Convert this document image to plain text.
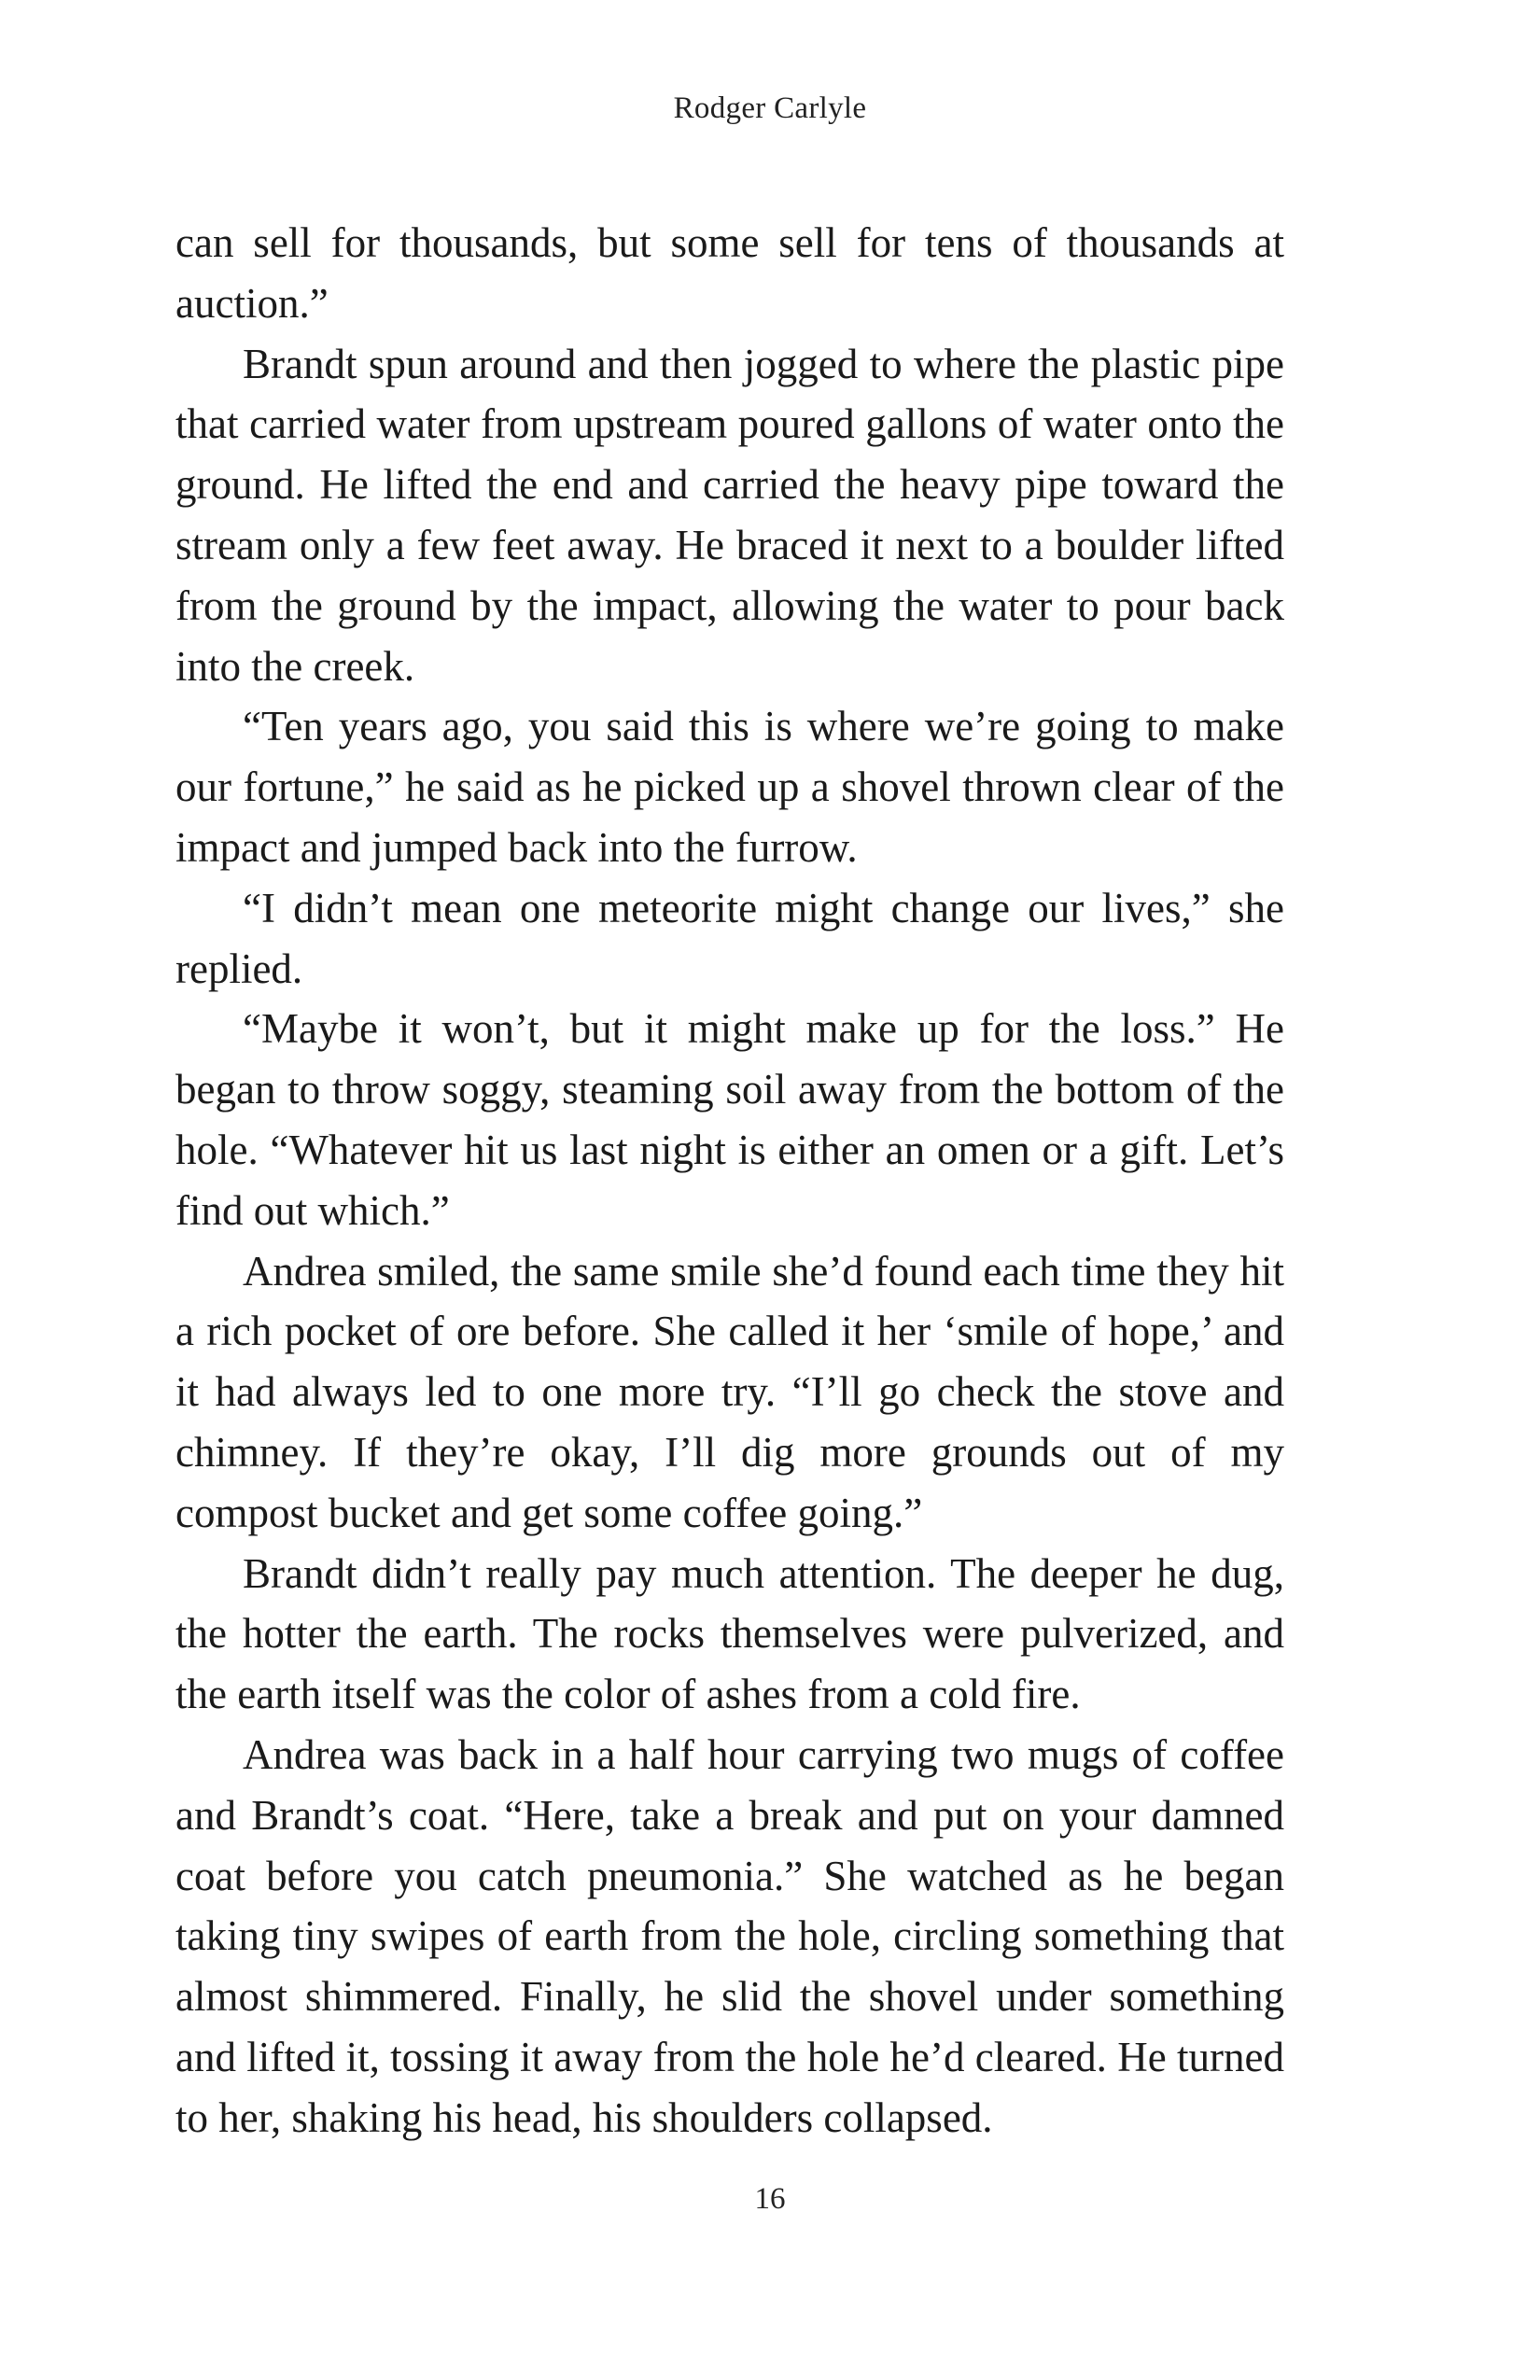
Rodger Carlyle

can sell for thousands, but some sell for tens of thousands at auction.”

Brandt spun around and then jogged to where the plastic pipe that carried water from upstream poured gallons of water onto the ground. He lifted the end and carried the heavy pipe toward the stream only a few feet away. He braced it next to a boulder lifted from the ground by the impact, allowing the water to pour back into the creek.

“Ten years ago, you said this is where we’re going to make our fortune,” he said as he picked up a shovel thrown clear of the impact and jumped back into the furrow.

“I didn’t mean one meteorite might change our lives,” she replied.

“Maybe it won’t, but it might make up for the loss.” He began to throw soggy, steaming soil away from the bottom of the hole. “Whatever hit us last night is either an omen or a gift. Let’s find out which.”

Andrea smiled, the same smile she’d found each time they hit a rich pocket of ore before. She called it her ‘smile of hope,’ and it had always led to one more try. “I’ll go check the stove and chimney. If they’re okay, I’ll dig more grounds out of my compost bucket and get some coffee going.”

Brandt didn’t really pay much attention. The deeper he dug, the hotter the earth. The rocks themselves were pulverized, and the earth itself was the color of ashes from a cold fire.

Andrea was back in a half hour carrying two mugs of coffee and Brandt’s coat. “Here, take a break and put on your damned coat before you catch pneumonia.” She watched as he began taking tiny swipes of earth from the hole, circling something that almost shimmered. Finally, he slid the shovel under something and lifted it, tossing it away from the hole he’d cleared. He turned to her, shaking his head, his shoulders collapsed.

16
